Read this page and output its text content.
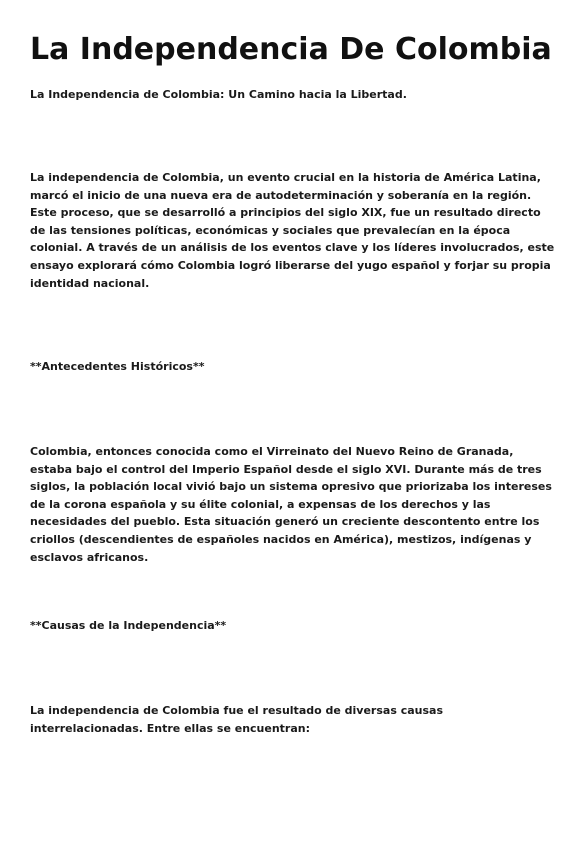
La Independencia De Colombia

La Independencia de Colombia: Un Camino hacia la Libertad.

La independencia de Colombia, un evento crucial en la historia de América Latina, marcó el inicio de una nueva era de autodeterminación y soberanía en la región. Este proceso, que se desarrolló a principios del siglo XIX, fue un resultado directo de las tensiones políticas, económicas y sociales que prevalecían en la época colonial. A través de un análisis de los eventos clave y los líderes involucrados, este ensayo explorará cómo Colombia logró liberarse del yugo español y forjar su propia identidad nacional.

**Antecedentes Históricos**

Colombia, entonces conocida como el Virreinato del Nuevo Reino de Granada, estaba bajo el control del Imperio Español desde el siglo XVI. Durante más de tres siglos, la población local vivió bajo un sistema opresivo que priorizaba los intereses de la corona española y su élite colonial, a expensas de los derechos y las necesidades del pueblo. Esta situación generó un creciente descontento entre los criollos (descendientes de españoles nacidos en América), mestizos, indígenas y esclavos africanos.

**Causas de la Independencia**

La independencia de Colombia fue el resultado de diversas causas interrelacionadas. Entre ellas se encuentran:
